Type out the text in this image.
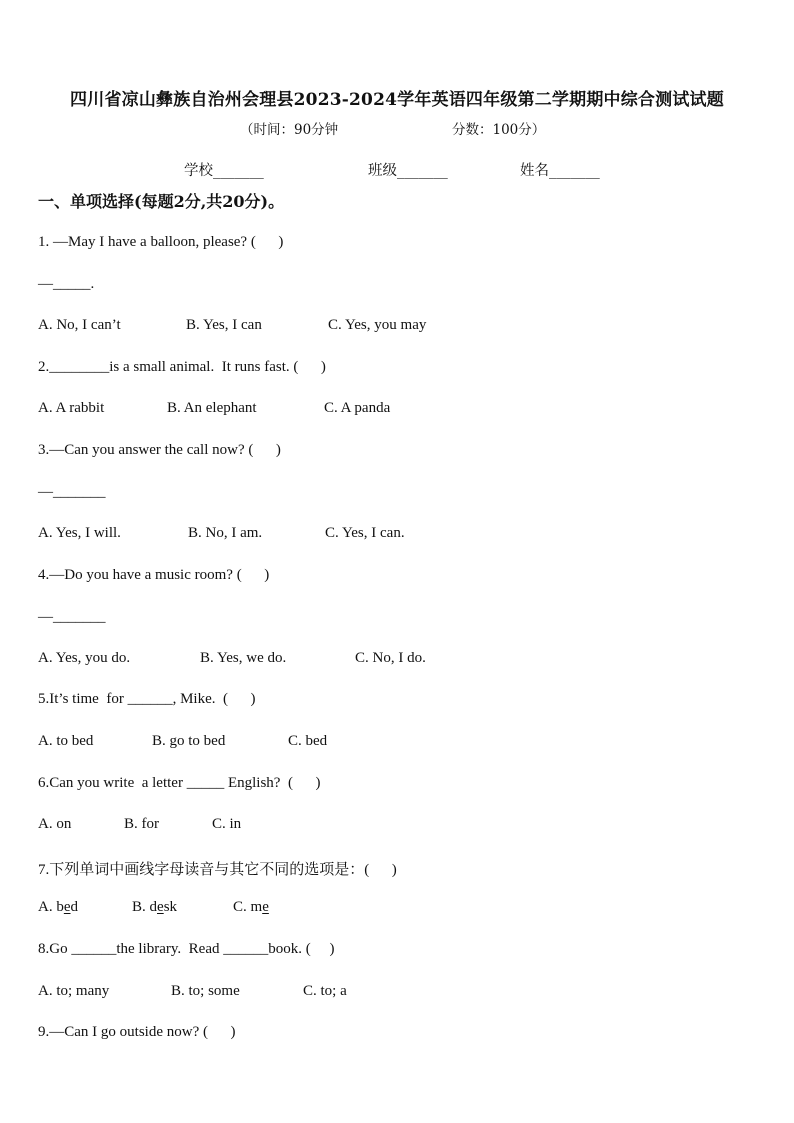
四川省凉山彝族自治州会理县2023-2024学年英语四年级第二学期期中综合测试试题
（时间：90分钟	分数：100分）
学校_______	班级_______	姓名_______
一、单项选择(每题2分,共20分)。
1. —May I have a balloon, please? (      )
—_____.
A. No, I can’t	B. Yes, I can	C. Yes, you may
2.________is a small animal.  It runs fast. (      )
A. A rabbit	B. An elephant	C. A panda
3.—Can you answer the call now? (      )
—_______
A. Yes, I will.	B. No, I am.	C. Yes, I can.
4.—Do you have a music room? (      )
—_______
A. Yes, you do.	B. Yes, we do.	C. No, I do.
5.It’s time  for ______, Mike.  (      )
A. to bed	B. go to bed	C. bed
6.Can you write  a letter _____ English?  (      )
A. on	B. for	C. in
7.下列单词中画线字母读音与其它不同的选项是：(      )
A. bed	B. desk	C. me
8.Go ______the library.  Read ______book. (     )
A. to; many	B. to; some	C. to; a
9.—Can I go outside now? (      )
